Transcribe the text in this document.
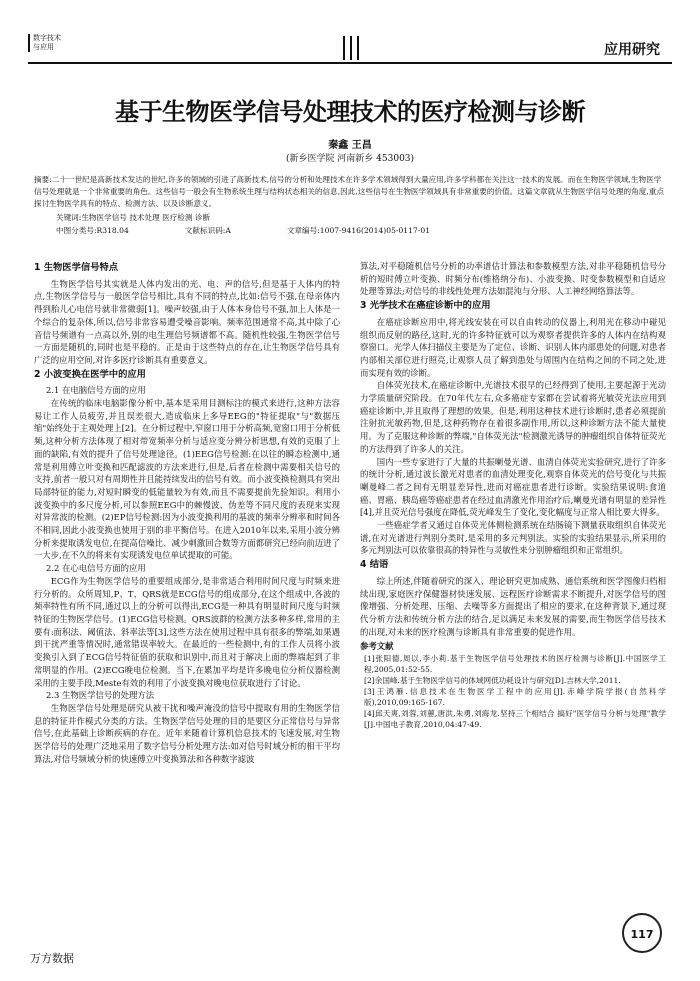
数字技术
与应用	应用研究
基于生物医学信号处理技术的医疗检测与诊断
秦鑫 王昌
(新乡医学院 河南新乡 453003)
摘要:二十一世纪是高新技术发达的世纪,许多的领域的引进了高新技术,信号的分析和处理技术在许多学术领域得到大量应用,许多学科都在关注这一技术的发展。而在生物医学领域,生物医学信号处理就是一个非常重要的角色。这些信号一般会有生物系统生理与结构状态相关的信息,因此,这些信号在生物医学领域具有非常重要的价值。这篇文章就从生物医学信号处理的角度,重点探讨生物医学具有的特点、检测方法、以及诊断意义。
关键词:生物医学信号 技术处理 医疗检测 诊断
中图分类号:R318.04	文献标识码:A	文章编号:1007-9416(2014)05-0117-01
1 生物医学信号特点

生物医学信号其实就是人体内发出的光、电、声的信号,但是基于人体内的特点,生物医学信号与一般医学信号相比,具有不同的特点,比如:信号不强,在母亲体内得到胎儿心电信号就非常微弱[1]。噪声较强,由于人体本身信号不强,加上人体是一个综合的复杂体,所以,信号非常容易遭受噪音影响。频率范围通常不高,其中除了心音信号频谱有一点高以外,别的电生理信号频谱都不高。随机性较强,生物医学信号一方面是随机的,同时也是平稳的。正是由于这些特点的存在,让生物医学信号具有广泛的应用空间,对许多医疗诊断具有重要意义。

2 小波变换在医学中的应用
2.1 在电脑信号方面的应用

在传统的临床电脑影像分析中,基本是采用目测标注的模式来进行,这种方法容易让工作人员疲劳,并且误差很大,造成临床上多导EEG的"特征提取"与"数据压缩"始终处于主观处理上[2]。在分析过程中,窄窗口用于分析高频,宽窗口用于分析低频,这种分析方法体现了相对带宽频率分析与适应变分辨分析思想,有效的克服了上面的缺陷,有效的提升了信号处理途径。(1)EEG信号检测:在以往的瞬态检测中,通常是利用傅立叶变换和匹配滤波的方法来进行,但是,后者在检测中需要相关信号的支持,前者一般只对有周期性并且能持续发出的信号有效。而小波变换检测具有突出局部特征的能力,对短时瞬变的低能量较为有效,而且不需要提前先验知识。利用小波变换中的多尺度分析,可以参照EEG中的棘慢波、伪差等不同尺度的表现来实现对异常波的检测。(2)EP信号检测:因为小波变换利用的基波的频率分辨率和时间各不相同,因此小波变换也使用于别的非平衡信号。在进入2010年以来,采用小波分辨分析来提取诱发电位,在提高信噪比、减少刺激回合数等方面都研究已经向前迈进了一大步,在不久的将来有实现诱发电位单试提取的可能。

2.2 在心电信号方面的应用

ECG作为生物医学信号的重要组成部分,是非常适合利用时间尺度与时频来进行分析的。众所周知,P、T、QRS就是ECG信号的组成部分,在这个组成中,各波的频率特性有所不同,通过以上的分析可以得出,ECG是一种具有明显时间尺度与时频特征的生物医学信号。(1)ECG信号检测。QRS波群的检测方法多种多样,常用的主要有:面积法、阈值法、斜率法等[3],这些方法在使用过程中具有很多的弊端,如果遇到干扰严重等情况时,通常错误率较大。在最近的一些检测中,有的工作人员将小波变换引入到了ECG信号特征值的获取和识别中,而且对于解决上面的弊端起到了非常明显的作用。(2)ECG晚电位检测。当下,在累加平均是许多晚电位分析仪器检测采用的主要手段,Meste有效的利用了小波变换对晚电位获取进行了讨论。

2.3 生物医学信号的处理方法

生物医学信号处理是研究从被干扰和噪声淹没的信号中提取有用的生物医学信息的特征并作模式分类的方法。生物医学信号处理的目的是要区分正常信号与异常信号,在此基础上诊断疾病的存在。近年来随着计算机信息技术的飞速发展,对生物医学信号的处理广泛地采用了数字信号分析处理方法:如对信号时域分析的相干平均算法,对信号频域分析的快速傅立叶变换算法和各种数字滤波

算法,对平稳随机信号分析的功率谱估计算法和参数模型方法,对非平稳随机信号分析的短时傅立叶变换、时频分布(维格纳分布)、小波变换、时变参数模型和自适应处理等算法;对信号的非线性处理方法如混沌与分形、人工神经网络算法等。

3 光学技术在癌症诊断中的应用

在癌症诊断应用中,将光线安装在可以自由转动的仪器上,利用光在移动中碰见组织而反射的路径,这时,光的许多特征就可以为观察者提供许多的人体内在结构观察窗口。光学人体扫描仪主要是为了定位、诊断、识别人体内部患处的问题,对患者内部相关部位进行照亮,让观察人员了解到患处与周围内在结构之间的不同之处,进而实现有效的诊断。

自体荧光技术,在癌症诊断中,光谱技术很早的已经得到了使用,主要起源于光动力学质量研究阶段。在70年代左右,众多癌症专家都在尝试着将光敏荧光法应用到癌症诊断中,并且取得了理想的效果。但是,利用这种技术进行诊断时,患者必须提前注射抗光敏药物,但是,这种药物存在着很多副作用,所以,这种诊断方法不能大量使用。为了克服这种诊断的弊端,"自体荧光法"检测激光诱导的肿瘤组织自体特征荧光的方法得到了许多人的关注。

国内一些专家进行了大量的共振喇曼光谱、血清自体荧光实验研究,进行了许多的统计分析,通过波长激光对患者的血清处理变化,观察自体荧光的信号变化与共振喇曼峰二者之间有无明显差异性,进而对癌症患者进行诊断。实验结果说明:食道癌、胃癌、胰岛癌等癌症患者在经过血清激光作用治疗后,喇曼光谱有明显的差异性[4],并且荧光信号强度在降低,荧光峰发生了变化,变化幅度与正常人相比要大得多。

一些癌症学者又通过自体荧光体侧检测系统在结肠镜下测量获取组织自体荧光谱,在对光谱进行判别分类时,是采用的多元判别法。实验的实验结果显示,所采用的多元判别法可以依靠很高的特异性与灵敏性来分别肿瘤组织和正常组织。

4 结语

综上所述,伴随着研究的深入、理论研究更加成熟、通信系统和医学图像归档相续出现,家庭医疗保健器材快速发展、远程医疗诊断需求不断提升,对医学信号的图像增强、分析处理、压缩、去噪等多方面提出了相应的要求,在这种背景下,通过现代分析方法和传统分析方法的结合,足以满足未来发展的需要,而生物医学信号技术的出现,对未来的医疗检测与诊断具有非常重要的促进作用。

参考文献

[1]张阳德,周以,李小莉.基于生物医学信号处理技术的医疗检测与诊断[J].中国医学工程,2005,01:52-55.

[2]余国峰.基于生物医学信号的体域网低功耗设计与研究[D].吉林大学,2011.

[3]王鸿雁.信息技术在生物医学工程中的应用[J].赤峰学院学报(自然科学版),2010,09:165-167.

[4]邱天爽,刘蓉,刘蕙,唐洪,朱勇,刘海龙.坚持三个相结合 搞好"医学信号分析与处理"教学[J].中国电子教育,2010,04:47-49.

117
万方数据
